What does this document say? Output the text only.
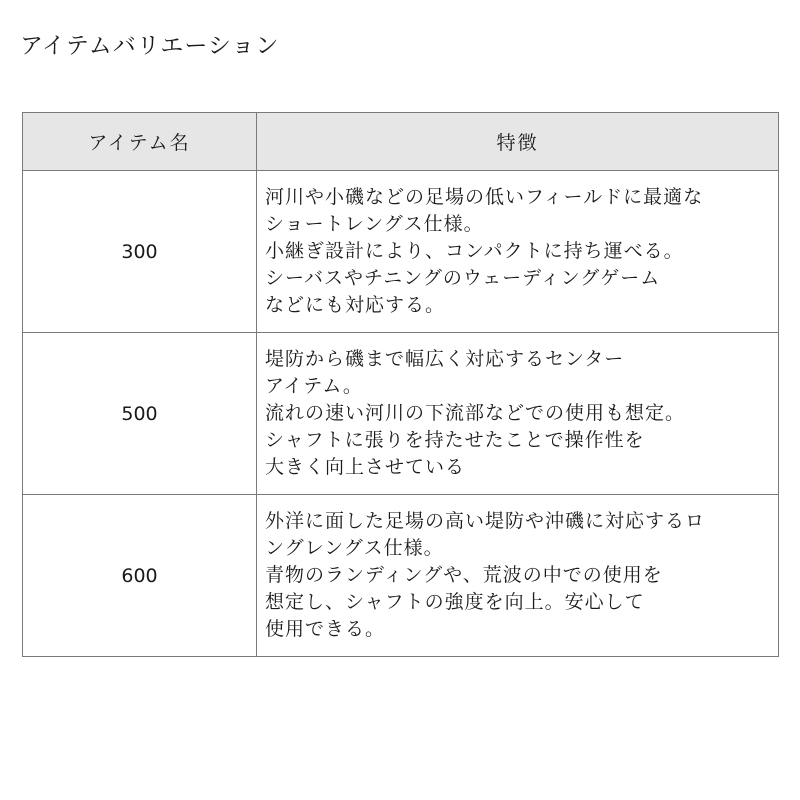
アイテムバリエーション
アイテム名	特徴
300	河川や小磯などの足場の低いフィールドに最適な
ショートレングス仕様。
小継ぎ設計により、コンパクトに持ち運べる。
シーバスやチニングのウェーディングゲーム
などにも対応する。

500	堤防から磯まで幅広く対応するセンター
アイテム。
流れの速い河川の下流部などでの使用も想定。
シャフトに張りを持たせたことで操作性を
大きく向上させている

600	外洋に面した足場の高い堤防や沖磯に対応するロ
ングレングス仕様。
青物のランディングや、荒波の中での使用を
想定し、シャフトの強度を向上。安心して
使用できる。
